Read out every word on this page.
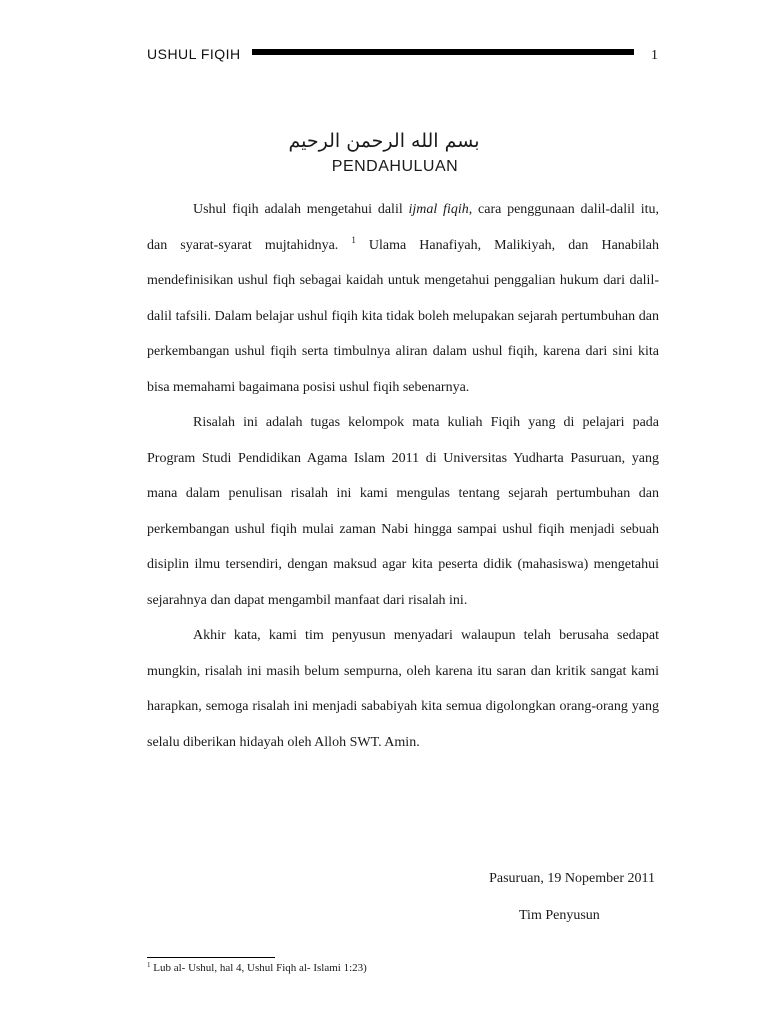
USHUL FIQIH	1
بسم الله الرحمن الرحيم
PENDAHULUAN

Ushul fiqih adalah mengetahui dalil ijmal fiqih, cara penggunaan dalil-dalil itu, dan syarat-syarat mujtahidnya. $^1$ Ulama Hanafiyah, Malikiyah, dan Hanabilah mendefinisikan ushul fiqh sebagai kaidah untuk mengetahui penggalian hukum dari dalil-dalil tafsili. Dalam belajar ushul fiqih kita tidak boleh melupakan sejarah pertumbuhan dan perkembangan ushul fiqih serta timbulnya aliran dalam ushul fiqih, karena dari sini kita bisa memahami bagaimana posisi ushul fiqih sebenarnya.

Risalah ini adalah tugas kelompok mata kuliah Fiqih yang di pelajari pada Program Studi Pendidikan Agama Islam 2011 di Universitas Yudharta Pasuruan, yang mana dalam penulisan risalah ini kami mengulas tentang sejarah pertumbuhan dan perkembangan ushul fiqih mulai zaman Nabi hingga sampai ushul fiqih menjadi sebuah disiplin ilmu tersendiri, dengan maksud agar kita peserta didik (mahasiswa) mengetahui sejarahnya dan dapat mengambil manfaat dari risalah ini.

Akhir kata, kami tim penyusun menyadari walaupun telah berusaha sedapat mungkin, risalah ini masih belum sempurna, oleh karena itu saran dan kritik sangat kami harapkan, semoga risalah ini menjadi sababiyah kita semua digolongkan orang-orang yang selalu diberikan hidayah oleh Alloh SWT. Amin.

Pasuruan, 19 Nopember 2011
Tim Penyusun
$^1$ Lub al- Ushul, hal 4, Ushul Fiqh al- Islami 1:23)
